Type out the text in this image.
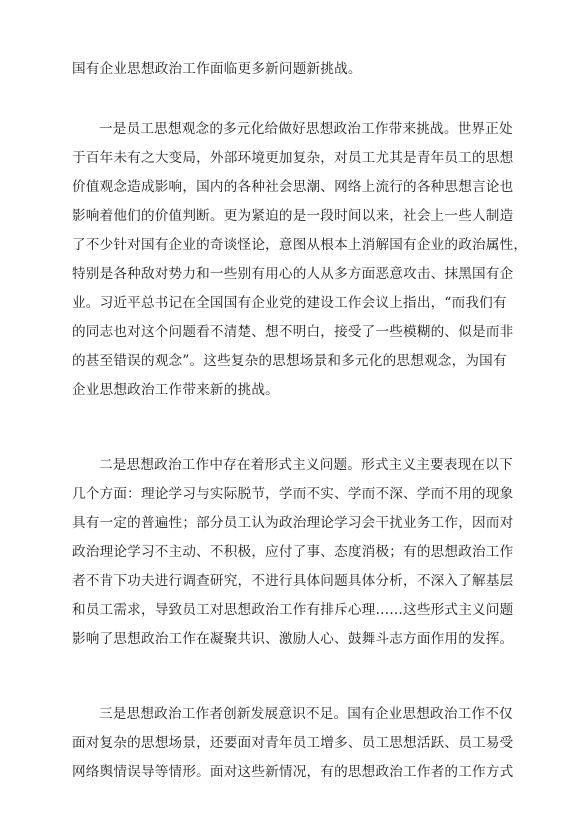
国有企业思想政治工作面临更多新问题新挑战。
一是员工思想观念的多元化给做好思想政治工作带来挑战。世界正处
于百年未有之大变局，外部环境更加复杂，对员工尤其是青年员工的思想
价值观念造成影响，国内的各种社会思潮、网络上流行的各种思想言论也
影响着他们的价值判断。更为紧迫的是一段时间以来，社会上一些人制造
了不少针对国有企业的奇谈怪论，意图从根本上消解国有企业的政治属性，
特别是各种敌对势力和一些别有用心的人从多方面恶意攻击、抹黑国有企
业。习近平总书记在全国国有企业党的建设工作会议上指出，“而我们有
的同志也对这个问题看不清楚、想不明白，接受了一些模糊的、似是而非
的甚至错误的观念”。这些复杂的思想场景和多元化的思想观念，为国有
企业思想政治工作带来新的挑战。
二是思想政治工作中存在着形式主义问题。形式主义主要表现在以下
几个方面：理论学习与实际脱节，学而不实、学而不深、学而不用的现象
具有一定的普遍性；部分员工认为政治理论学习会干扰业务工作，因而对
政治理论学习不主动、不积极，应付了事、态度消极；有的思想政治工作
者不肯下功夫进行调查研究，不进行具体问题具体分析，不深入了解基层
和员工需求，导致员工对思想政治工作有排斥心理……这些形式主义问题
影响了思想政治工作在凝聚共识、激励人心、鼓舞斗志方面作用的发挥。
三是思想政治工作者创新发展意识不足。国有企业思想政治工作不仅
面对复杂的思想场景，还要面对青年员工增多、员工思想活跃、员工易受
网络舆情误导等情形。面对这些新情况，有的思想政治工作者的工作方式
